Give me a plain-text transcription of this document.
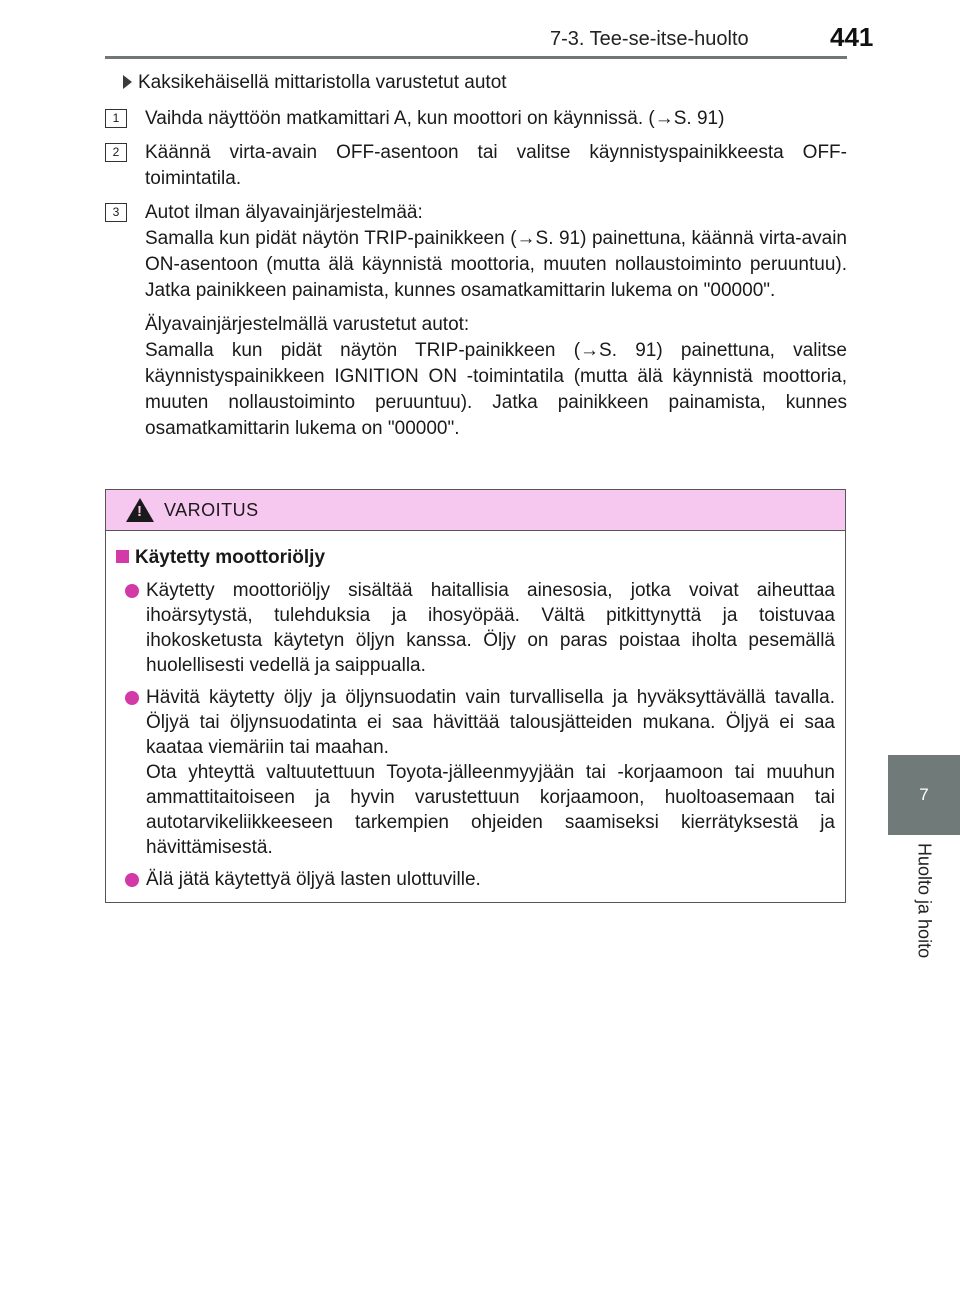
7-3. Tee-se-itse-huolto	441
7
Huolto ja hoito
Kaksikehäisellä mittaristolla varustetut autot
1	Vaihda näyttöön matkamittari A, kun moottori on käynnissä. (→S. 91)

2	Käännä virta-avain OFF-asentoon tai valitse käynnistyspainikkeesta OFF-toimintatila.

3	Autot ilman älyavainjärjestelmää:
Samalla kun pidät näytön TRIP-painikkeen (→S. 91) painettuna, käännä virta-avain ON-asentoon (mutta älä käynnistä moottoria, muuten nollaustoiminto peruuntuu). Jatka painikkeen painamista, kunnes osamatkamittarin lukema on "00000".

Älyavainjärjestelmällä varustetut autot:
Samalla kun pidät näytön TRIP-painikkeen (→S. 91) painettuna, valitse käynnistyspainikkeen IGNITION ON -toimintatila (mutta älä käynnistä moottoria, muuten nollaustoiminto peruuntuu). Jatka painikkeen painamista, kunnes osamatkamittarin lukema on "00000".

!
VAROITUS
Käytetty moottoriöljy

Käytetty moottoriöljy sisältää haitallisia ainesosia, jotka voivat aiheuttaa ihoärsytystä, tulehduksia ja ihosyöpää. Vältä pitkittynyttä ja toistuvaa ihokosketusta käytetyn öljyn kanssa. Öljy on paras poistaa iholta pesemällä huolellisesti vedellä ja saippualla.

Hävitä käytetty öljy ja öljynsuodatin vain turvallisella ja hyväksyttävällä tavalla. Öljyä tai öljynsuodatinta ei saa hävittää talousjätteiden mukana. Öljyä ei saa kaataa viemäriin tai maahan.
Ota yhteyttä valtuutettuun Toyota-jälleenmyyjään tai -korjaamoon tai muuhun ammattitaitoiseen ja hyvin varustettuun korjaamoon, huoltoasemaan tai autotarvikeliikkeeseen tarkempien ohjeiden saamiseksi kierrätyksestä ja hävittämisestä.

Älä jätä käytettyä öljyä lasten ulottuville.
